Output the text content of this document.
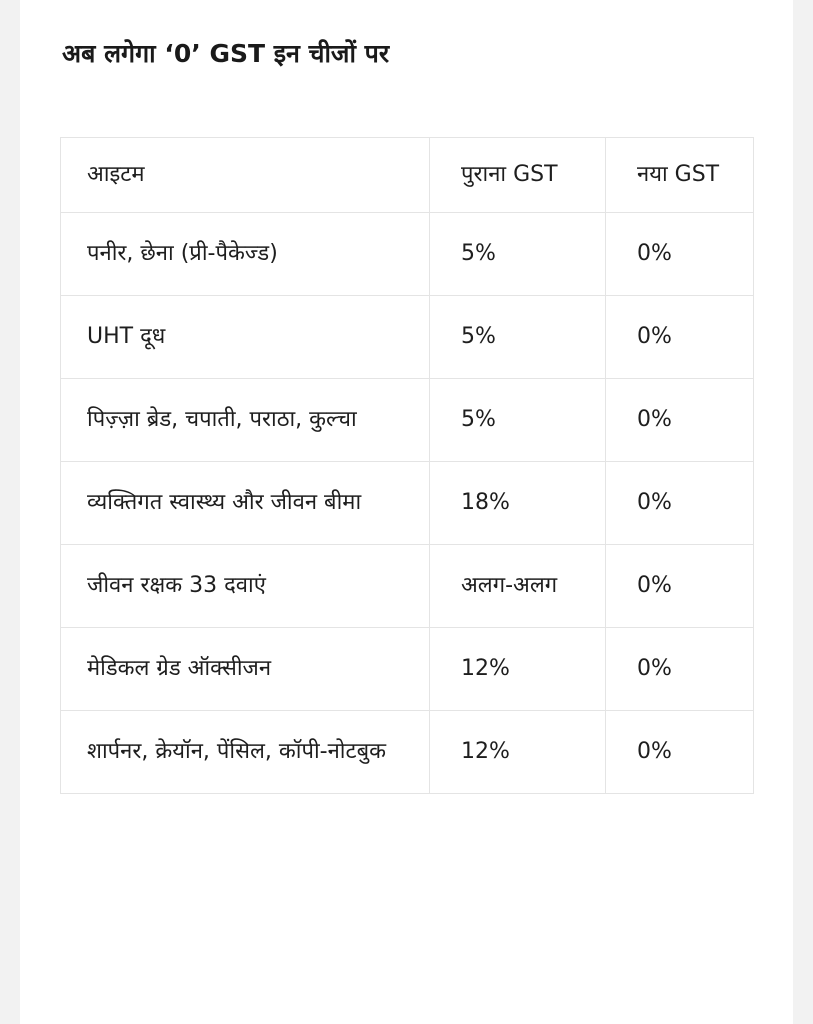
अब लगेगा ‘0’ GST इन चीजों पर
आइटम	पुराना GST	नया GST
पनीर, छेना (प्री-पैकेज्ड)	5%	0%
UHT दूध	5%	0%
पिज़्ज़ा ब्रेड, चपाती, पराठा, कुल्चा	5%	0%
व्यक्तिगत स्वास्थ्य और जीवन बीमा	18%	0%
जीवन रक्षक 33 दवाएं	अलग-अलग	0%
मेडिकल ग्रेड ऑक्सीजन	12%	0%
शार्पनर, क्रेयॉन, पेंसिल, कॉपी-नोटबुक	12%	0%
